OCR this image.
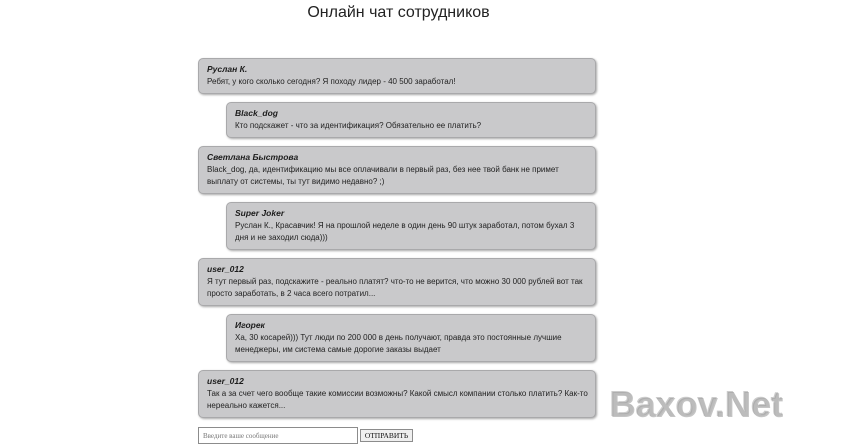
Онлайн чат сотрудников
Руслан К.
Ребят, у кого сколько сегодня? Я походу лидер - 40 500 заработал!
Black_dog
Кто подскажет - что за идентификация? Обязательно ее платить?
Светлана Быстрова
Black_dog, да, идентификацию мы все оплачивали в первый раз, без нее твой банк не примет выплату от системы, ты тут видимо недавно? ;)
Super Joker
Руслан К., Красавчик! Я на прошлой неделе в один день 90 штук заработал, потом бухал 3 дня и не заходил сюда)))
user_012
Я тут первый раз, подскажите - реально платят? что-то не верится, что можно 30 000 рублей вот так просто заработать, в 2 часа всего потратил...
Игорек
Ха, 30 косарей))) Тут люди по 200 000 в день получают, правда это постоянные лучшие менеджеры, им система самые дорогие заказы выдает
user_012
Так а за счет чего вообще такие комиссии возможны? Какой смысл компании столько платить? Как-то нереально кажется...
Введите ваше сообщение
ОТПРАВИТЬ
Baxov.Net
